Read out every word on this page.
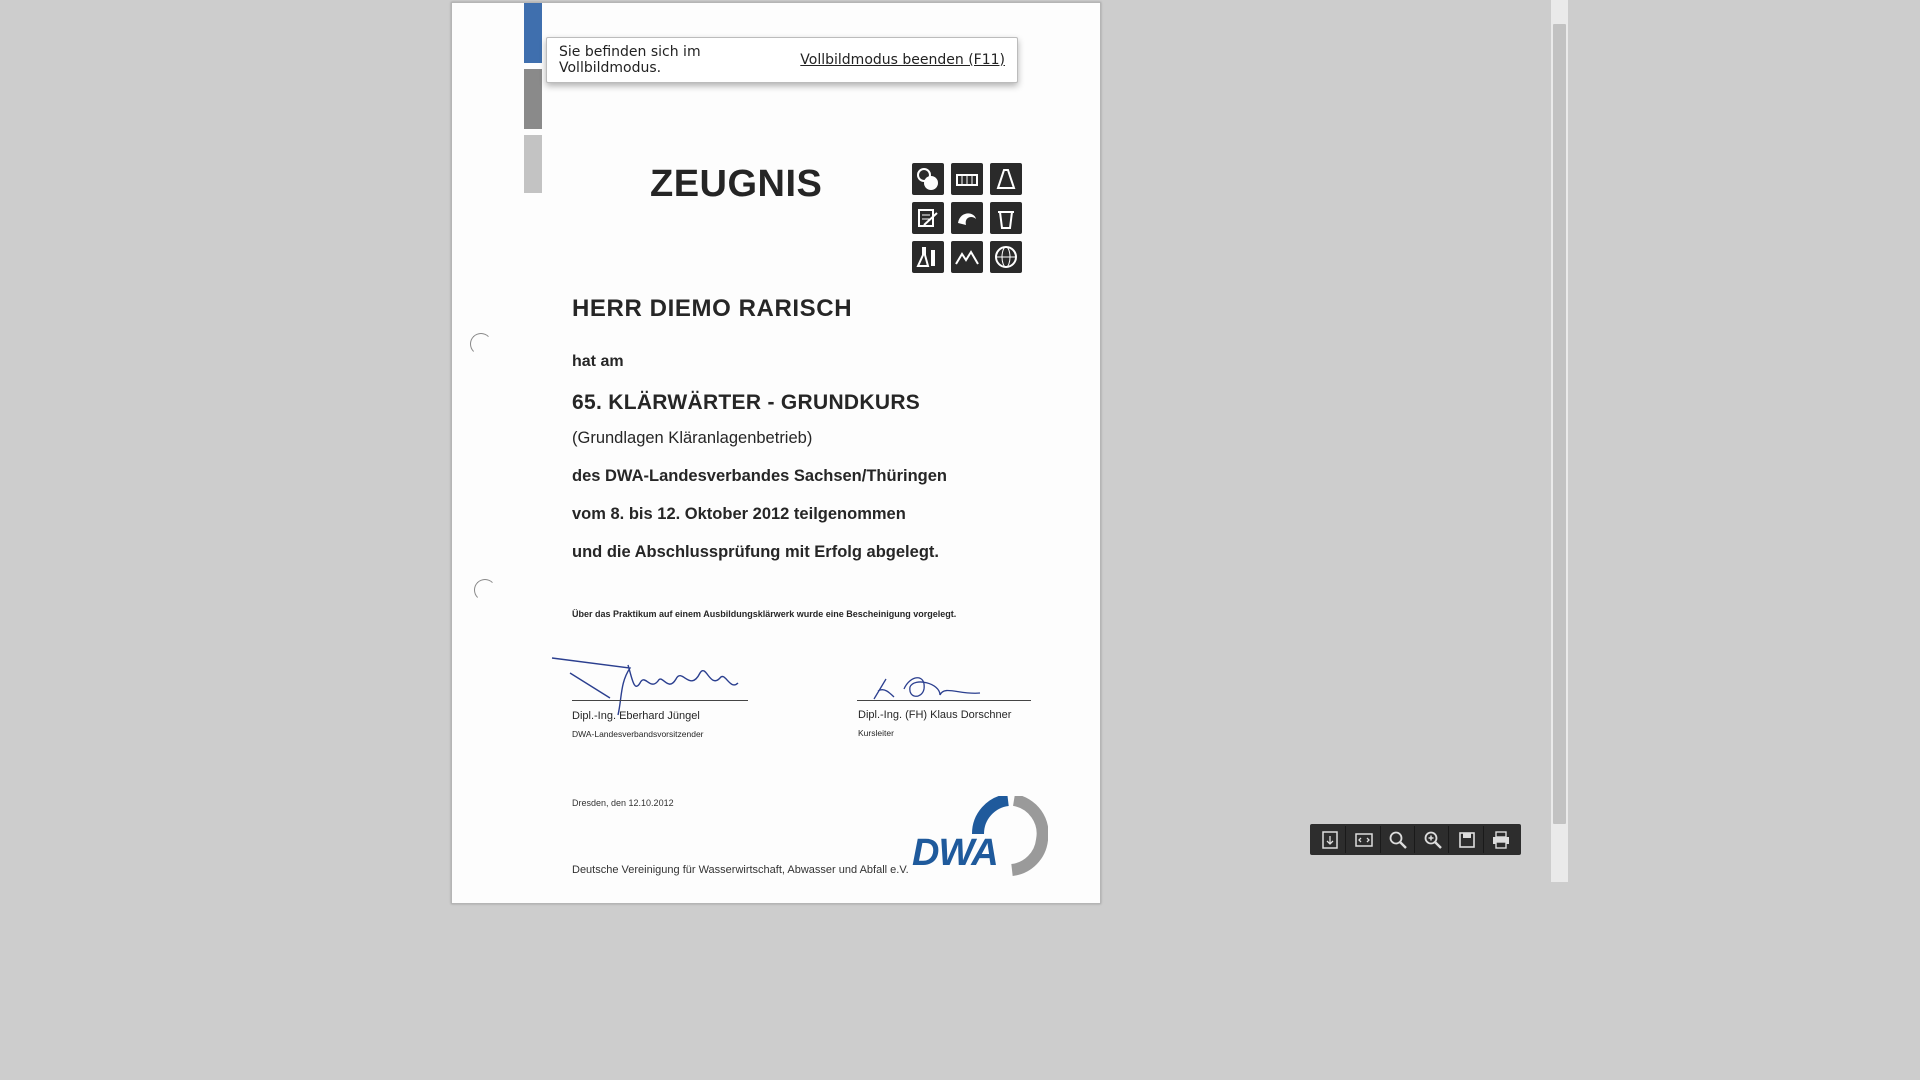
ZEUGNIS
HERR DIEMO RARISCH
hat am
65. KLÄRWÄRTER - GRUNDKURS
(Grundlagen Kläranlagenbetrieb)
des DWA-Landesverbandes Sachsen/Thüringen
vom 8. bis 12. Oktober 2012 teilgenommen
und die Abschlussprüfung mit Erfolg abgelegt.
Über das Praktikum auf einem Ausbildungsklärwerk wurde eine Bescheinigung vorgelegt.
Dipl.-Ing. Eberhard Jüngel
DWA-Landesverbandsvorsitzender
Dipl.-Ing. (FH) Klaus Dorschner
Kursleiter
Dresden, den 12.10.2012
Deutsche Vereinigung für Wasserwirtschaft, Abwasser und Abfall e.V. DWA
Sie befinden sich im Vollbildmodus.	Vollbildmodus beenden (F11)
